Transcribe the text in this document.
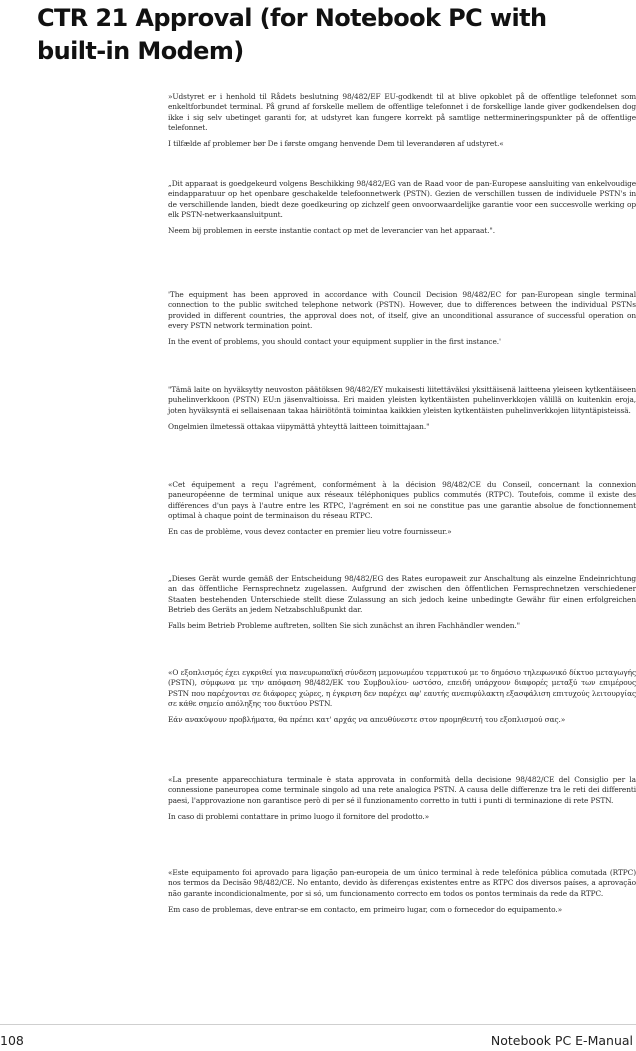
CTR 21 Approval (for Notebook PC with built-in Modem)

»Udstyret er i henhold til Rådets beslutning 98/482/EF EU-godkendt til at blive opkoblet på de offentlige telefonnet som enkeltforbundet terminal. På grund af forskelle mellem de offentlige telefonnet i de forskellige lande giver godkendelsen dog ikke i sig selv ubetinget garanti for, at udstyret kan fungere korrekt på samtlige nettermineringspunkter på de offentlige telefonnet.

I tilfælde af problemer bør De i første omgang henvende Dem til leverandøren af udstyret.«

„Dit apparaat is goedgekeurd volgens Beschikking 98/482/EG van de Raad voor de pan-Europese aansluiting van enkelvoudige eindapparatuur op het openbare geschakelde telefoonnetwerk (PSTN). Gezien de verschillen tussen de individuele PSTN's in de verschillende landen, biedt deze goedkeuring op zichzelf geen onvoorwaardelijke garantie voor een succesvolle werking op elk PSTN-netwerkaansluitpunt.

Neem bij problemen in eerste instantie contact op met de leverancier van het apparaat.".

'The equipment has been approved in accordance with Council Decision 98/482/EC for pan-European single terminal connection to the public switched telephone network (PSTN). However, due to differences between the individual PSTNs provided in different countries, the approval does not, of itself, give an unconditional assurance of successful operation on every PSTN network termination point.

In the event of problems, you should contact your equipment supplier in the first instance.'

"Tämä laite on hyväksytty neuvoston päätöksen 98/482/EY mukaisesti liitettäväksi yksittäisenä laitteena yleiseen kytkentäiseen puhelinverkkoon (PSTN) EU:n jäsenvaltioissa. Eri maiden yleisten kytkentäisten puhelinverkkojen välillä on kuitenkin eroja, joten hyväksyntä ei sellaisenaan takaa häiriötöntä toimintaa kaikkien yleisten kytkentäisten puhelinverkkojen liityntäpisteissä.

Ongelmien ilmetessä ottakaa viipymättä yhteyttä laitteen toimittajaan."

«Cet équipement a reçu l'agrément, conformément à la décision 98/482/CE du Conseil, concernant la connexion paneuropéenne de terminal unique aux réseaux téléphoniques publics commutés (RTPC). Toutefois, comme il existe des différences d'un pays à l'autre entre les RTPC, l'agrément en soi ne constitue pas une garantie absolue de fonctionnement optimal à chaque point de terminaison du réseau RTPC.

En cas de problème, vous devez contacter en premier lieu votre fournisseur.»

„Dieses Gerät wurde gemäß der Entscheidung 98/482/EG des Rates europaweit zur Anschaltung als einzelne Endeinrichtung an das öffentliche Fernsprechnetz zugelassen. Aufgrund der zwischen den öffentlichen Fernsprechnetzen verschiedener Staaten bestehenden Unterschiede stellt diese Zulassung an sich jedoch keine unbedingte Gewähr für einen erfolgreichen Betrieb des Geräts an jedem Netzabschlußpunkt dar.

Falls beim Betrieb Probleme auftreten, sollten Sie sich zunächst an ihren Fachhändler wenden."

«Ο εξοπλισμός έχει εγκριθεί για πανευρωπαϊκή σύνδεση μεμονωμέου τερματικού με το δημόσιο τηλεφωνικό δίκτυο μεταγωγής (PSTN), σύμφωνα με την απόφαση 98/482/ΕΚ του Συμβουλίου· ωστόσο, επειδή υπάρχουν διαφορές μεταξύ των επιμέρους PSTN που παρέχονται σε διάφορες χώρες, η έγκριση δεν παρέχει αφ' εαυτής ανεπιφύλακτη εξασφάλιση επιτυχούς λειτουργίας σε κάθε σημείο απόληξης του δικτύου PSTN.

Εάν ανακύψουν προβλήματα, θα πρέπει κατ' αρχάς να απευθύνεστε στον προμηθευτή του εξοπλισμού σας.»

«La presente apparecchiatura terminale è stata approvata in conformità della decisione 98/482/CE del Consiglio per la connessione paneuropea come terminale singolo ad una rete analogica PSTN. A causa delle differenze tra le reti dei differenti paesi, l'approvazione non garantisce però di per sé il funzionamento corretto in tutti i punti di terminazione di rete PSTN.

In caso di problemi contattare in primo luogo il fornitore del prodotto.»

«Este equipamento foi aprovado para ligação pan-europeia de um único terminal à rede telefónica pública comutada (RTPC) nos termos da Decisão 98/482/CE. No entanto, devido às diferenças existentes entre as RTPC dos diversos países, a aprovação não garante incondicionalmente, por si só, um funcionamento correcto em todos os pontos terminais da rede da RTPC.

Em caso de problemas, deve entrar-se em contacto, em primeiro lugar, com o fornecedor do equipamento.»

108	Notebook PC E-Manual
